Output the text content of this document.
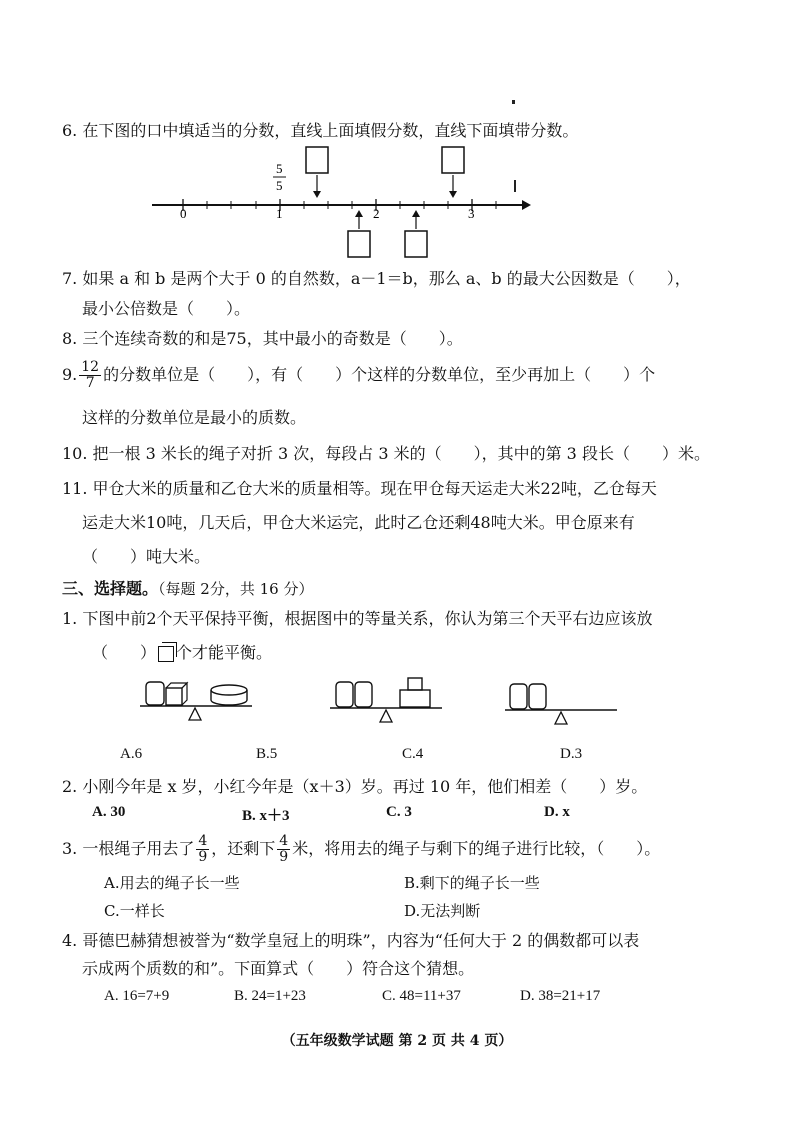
6. 在下图的口中填适当的分数，直线上面填假分数，直线下面填带分数。
0	1	2	3
5
5
7. 如果 a 和 b 是两个大于 0 的自然数，a－1＝b，那么 a、b 的最大公因数是（　　），
最小公倍数是（　　）。
8. 三个连续奇数的和是75，其中最小的奇数是（　　）。
9. $\frac{12}{7}$ 的分数单位是（　　），有（　　）个这样的分数单位，至少再加上（　　）个
这样的分数单位是最小的质数。
10. 把一根 3 米长的绳子对折 3 次，每段占 3 米的（　　），其中的第 3 段长（　　）米。
11. 甲仓大米的质量和乙仓大米的质量相等。现在甲仓每天运走大米22吨，乙仓每天
运走大米10吨，几天后，甲仓大米运完，此时乙仓还剩48吨大米。甲仓原来有
（　　）吨大米。
三、选择题。（每题 2分，共 16 分）
1. 下图中前2个天平保持平衡，根据图中的等量关系，你认为第三个天平右边应该放
（　　） 个才能平衡。
A.6	B.5	C.4	D.3
2. 小刚今年是 x 岁，小红今年是（x＋3）岁。再过 10 年，他们相差（　　）岁。
A. 30	B. x＋3	C. 3	D. x
3. 一根绳子用去了 $\frac{4}{9}$ ，还剩下 $\frac{4}{9}$ 米，将用去的绳子与剩下的绳子进行比较，（　　）。
A.用去的绳子长一些	B.剩下的绳子长一些
C.一样长	D.无法判断
4. 哥德巴赫猜想被誉为“数学皇冠上的明珠”，内容为“任何大于 2 的偶数都可以表
示成两个质数的和”。下面算式（　　）符合这个猜想。
A. 16=7+9	B. 24=1+23	C. 48=11+37	D. 38=21+17
（五年级数学试题 第 2 页 共 4 页）
